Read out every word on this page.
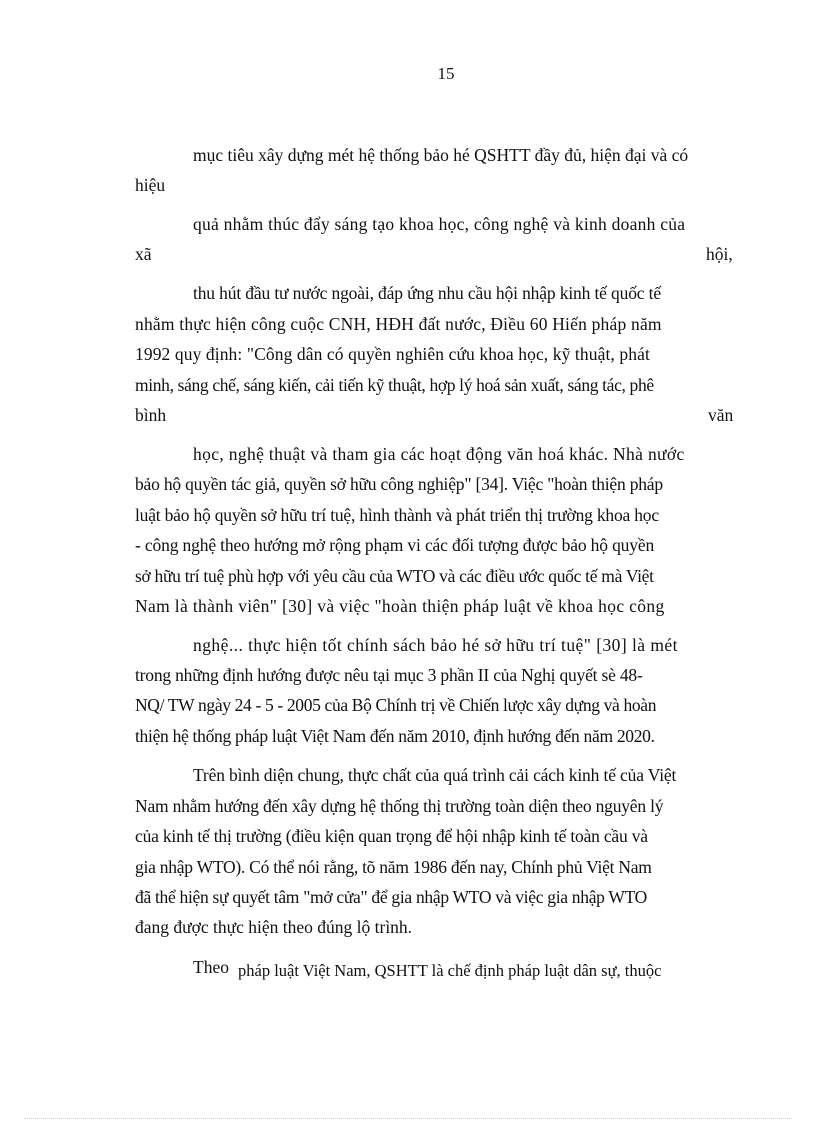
15
mục tiêu xây dựng mét hệ thống bảo hé QSHTT đầy đủ, hiện đại và có
hiệu
quả nhằm thúc đẩy sáng tạo khoa học, công nghệ và kinh doanh của
xã	hội,
thu hút đầu tư nước ngoài, đáp ứng nhu cầu hội nhập kinh tế quốc tế
nhằm thực hiện công cuộc CNH, HĐH đất nước, Điều 60 Hiến pháp năm
1992 quy định: "Công dân có quyền nghiên cứu khoa học, kỹ thuật, phát
minh, sáng chế, sáng kiến, cải tiến kỹ thuật, hợp lý hoá sản xuất, sáng tác, phê
bình	văn
học, nghệ thuật và tham gia các hoạt động văn hoá khác. Nhà nước
bảo hộ quyền tác giả, quyền sở hữu công nghiệp" [34]. Việc "hoàn thiện pháp
luật bảo hộ quyền sở hữu trí tuệ, hình thành và phát triển thị trường khoa học
- công nghệ theo hướng mở rộng phạm vi các đối tượng được bảo hộ quyền
sở hữu trí tuệ phù hợp với yêu cầu của WTO và các điều ước quốc tế mà Việt
Nam là thành viên" [30] và việc "hoàn thiện pháp luật về khoa học công
nghệ... thực hiện tốt chính sách bảo hé sở hữu trí tuệ" [30] là mét
trong những định hướng được nêu tại mục 3 phần II của Nghị quyết sè 48-
NQ/ TW ngày 24 - 5 - 2005 của Bộ Chính trị về Chiến lược xây dựng và hoàn
thiện hệ thống pháp luật Việt Nam đến năm 2010, định hướng đến năm 2020.
Trên bình diện chung, thực chất của quá trình cải cách kinh tế của Việt
Nam nhằm hướng đến xây dựng hệ thống thị trường toàn diện theo nguyên lý
của kinh tế thị trường (điều kiện quan trọng để hội nhập kinh tế toàn cầu và
gia nhập WTO). Có thể nói rằng, tõ năm 1986 đến nay, Chính phủ Việt Nam
đã thể hiện sự quyết tâm "mở cửa" để gia nhập WTO và việc gia nhập WTO
đang được thực hiện theo đúng lộ trình.
Theo pháp luật Việt Nam, QSHTT là chế định pháp luật dân sự, thuộc
